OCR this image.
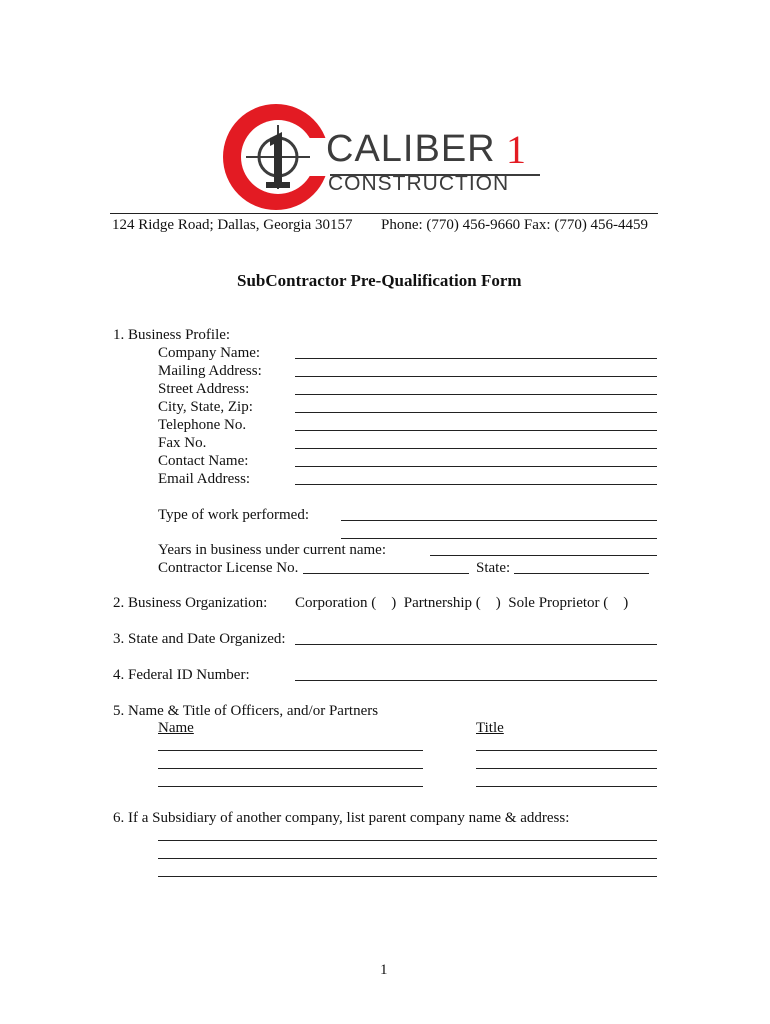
CALIBER 1
CONSTRUCTION
124 Ridge Road; Dallas, Georgia 30157 Phone: (770) 456-9660 Fax: (770) 456-4459
SubContractor Pre-Qualification Form
1. Business Profile:
Company Name:
Mailing Address:
Street Address:
City, State, Zip:
Telephone No.
Fax No.
Contact Name:
Email Address:
Type of work performed:
Years in business under current name:
Contractor License No.	State:
2. Business Organization: Corporation (    )  Partnership (    )  Sole Proprietor (    )
3. State and Date Organized:
4. Federal ID Number:
5. Name & Title of Officers, and/or Partners
Name	Title
6. If a Subsidiary of another company, list parent company name & address:
1
